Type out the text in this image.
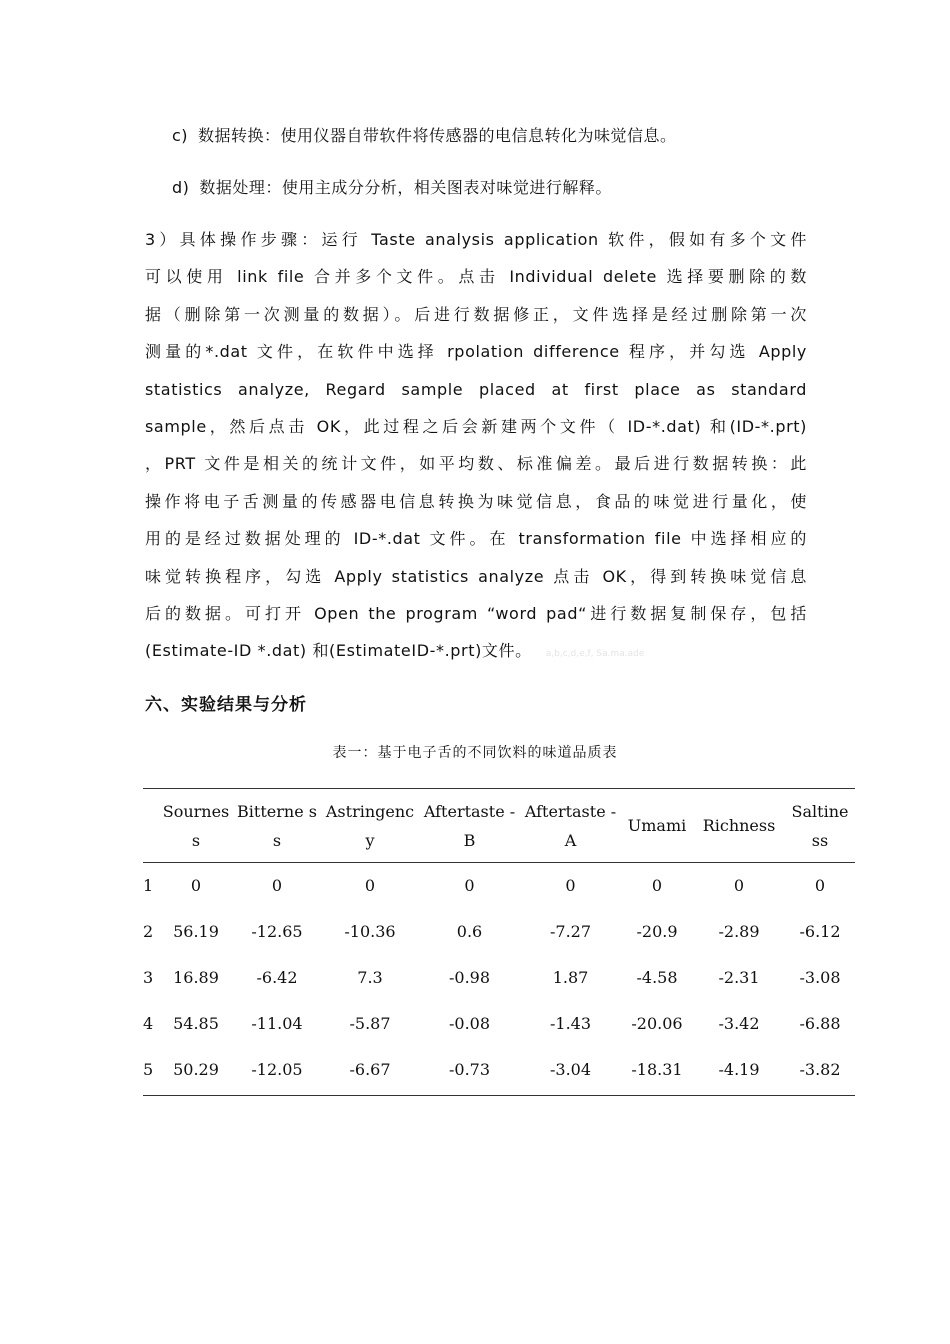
c) 数据转换：使用仪器自带软件将传感器的电信息转化为味觉信息。
d) 数据处理：使用主成分分析，相关图表对味觉进行解释。
3）具体操作步骤：运行 Taste analysis application 软件，假如有多个文件
可以使用 link file 合并多个文件。点击 Individual delete 选择要删除的数
据（删除第一次测量的数据）。后进行数据修正，文件选择是经过删除第一次
测量的*.dat 文件，在软件中选择 rpolation difference 程序，并勾选 Apply
statistics analyze, Regard sample placed at first place as standard
sample，然后点击 OK，此过程之后会新建两个文件（ ID-*.dat) 和(ID-*.prt)
，PRT 文件是相关的统计文件，如平均数、标准偏差。最后进行数据转换：此
操作将电子舌测量的传感器电信息转换为味觉信息，食品的味觉进行量化，使
用的是经过数据处理的 ID-*.dat 文件。在 transformation file 中选择相应的
味觉转换程序，勾选 Apply statistics analyze 点击 OK，得到转换味觉信息
后的数据。可打开 Open the program “word pad“进行数据复制保存，包括
(Estimate-ID *.dat) 和(EstimateID-*.prt)文件。 a,b,c,d,e,f, Sa.ma.ade
六、实验结果与分析
表一：基于电子舌的不同饮料的味道品质表
	Sournes s	Bitterne ss	Astringenc y	Aftertaste -B	Aftertaste -A	Umami	Richness	Saltine ss
1	0	0	0	0	0	0	0	0
2	56.19	-12.65	-10.36	0.6	-7.27	-20.9	-2.89	-6.12
3	16.89	-6.42	7.3	-0.98	1.87	-4.58	-2.31	-3.08
4	54.85	-11.04	-5.87	-0.08	-1.43	-20.06	-3.42	-6.88
5	50.29	-12.05	-6.67	-0.73	-3.04	-18.31	-4.19	-3.82
